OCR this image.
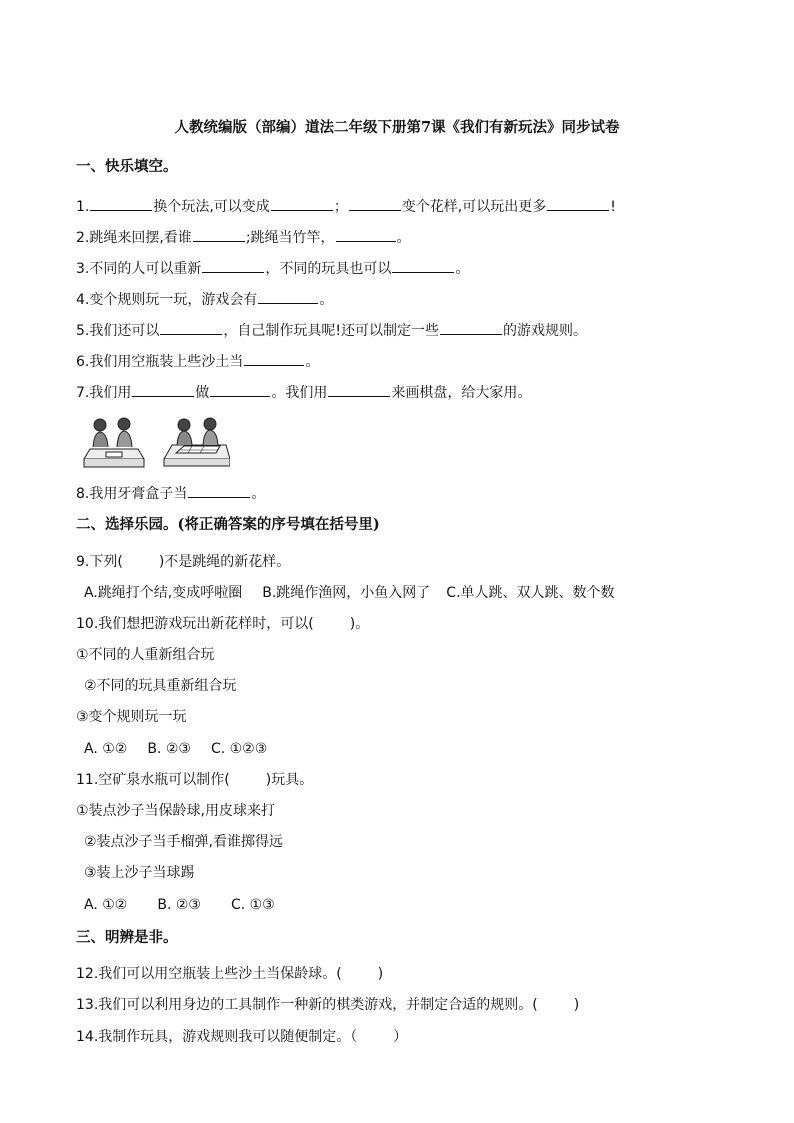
人教统编版（部编）道法二年级下册第7课《我们有新玩法》同步试卷
一、快乐填空。
1.	换个玩法,可以变成	；	变个花样,可以玩出更多	!
2.跳绳来回摆,看谁	;跳绳当竹竿，	。
3.不同的人可以重新	，不同的玩具也可以	。
4.变个规则玩一玩，游戏会有	。
5.我们还可以	，自己制作玩具呢!还可以制定一些	的游戏规则。
6.我们用空瓶装上些沙土当	。
7.我们用	做	。我们用	来画棋盘，给大家用。
8.我用牙膏盒子当	。
二、选择乐园。(将正确答案的序号填在括号里)
9.下列(	)不是跳绳的新花样。
A.跳绳打个结,变成呼啦圈 B.跳绳作渔网，小鱼入网了 C.单人跳、双人跳、数个数
10.我们想把游戏玩出新花样时，可以(	)。
①不同的人重新组合玩
②不同的玩具重新组合玩
③变个规则玩一玩
A. ①② B. ②③ C. ①②③
11.空矿泉水瓶可以制作(	)玩具。
①装点沙子当保龄球,用皮球来打
②装点沙子当手榴弹,看谁掷得远
③装上沙子当球踢
A. ①② B. ②③ C. ①③
三、明辨是非。
12.我们可以用空瓶装上些沙土当保龄球。(	)
13.我们可以利用身边的工具制作一种新的棋类游戏，并制定合适的规则。(	)
14.我制作玩具，游戏规则我可以随便制定。（	）
